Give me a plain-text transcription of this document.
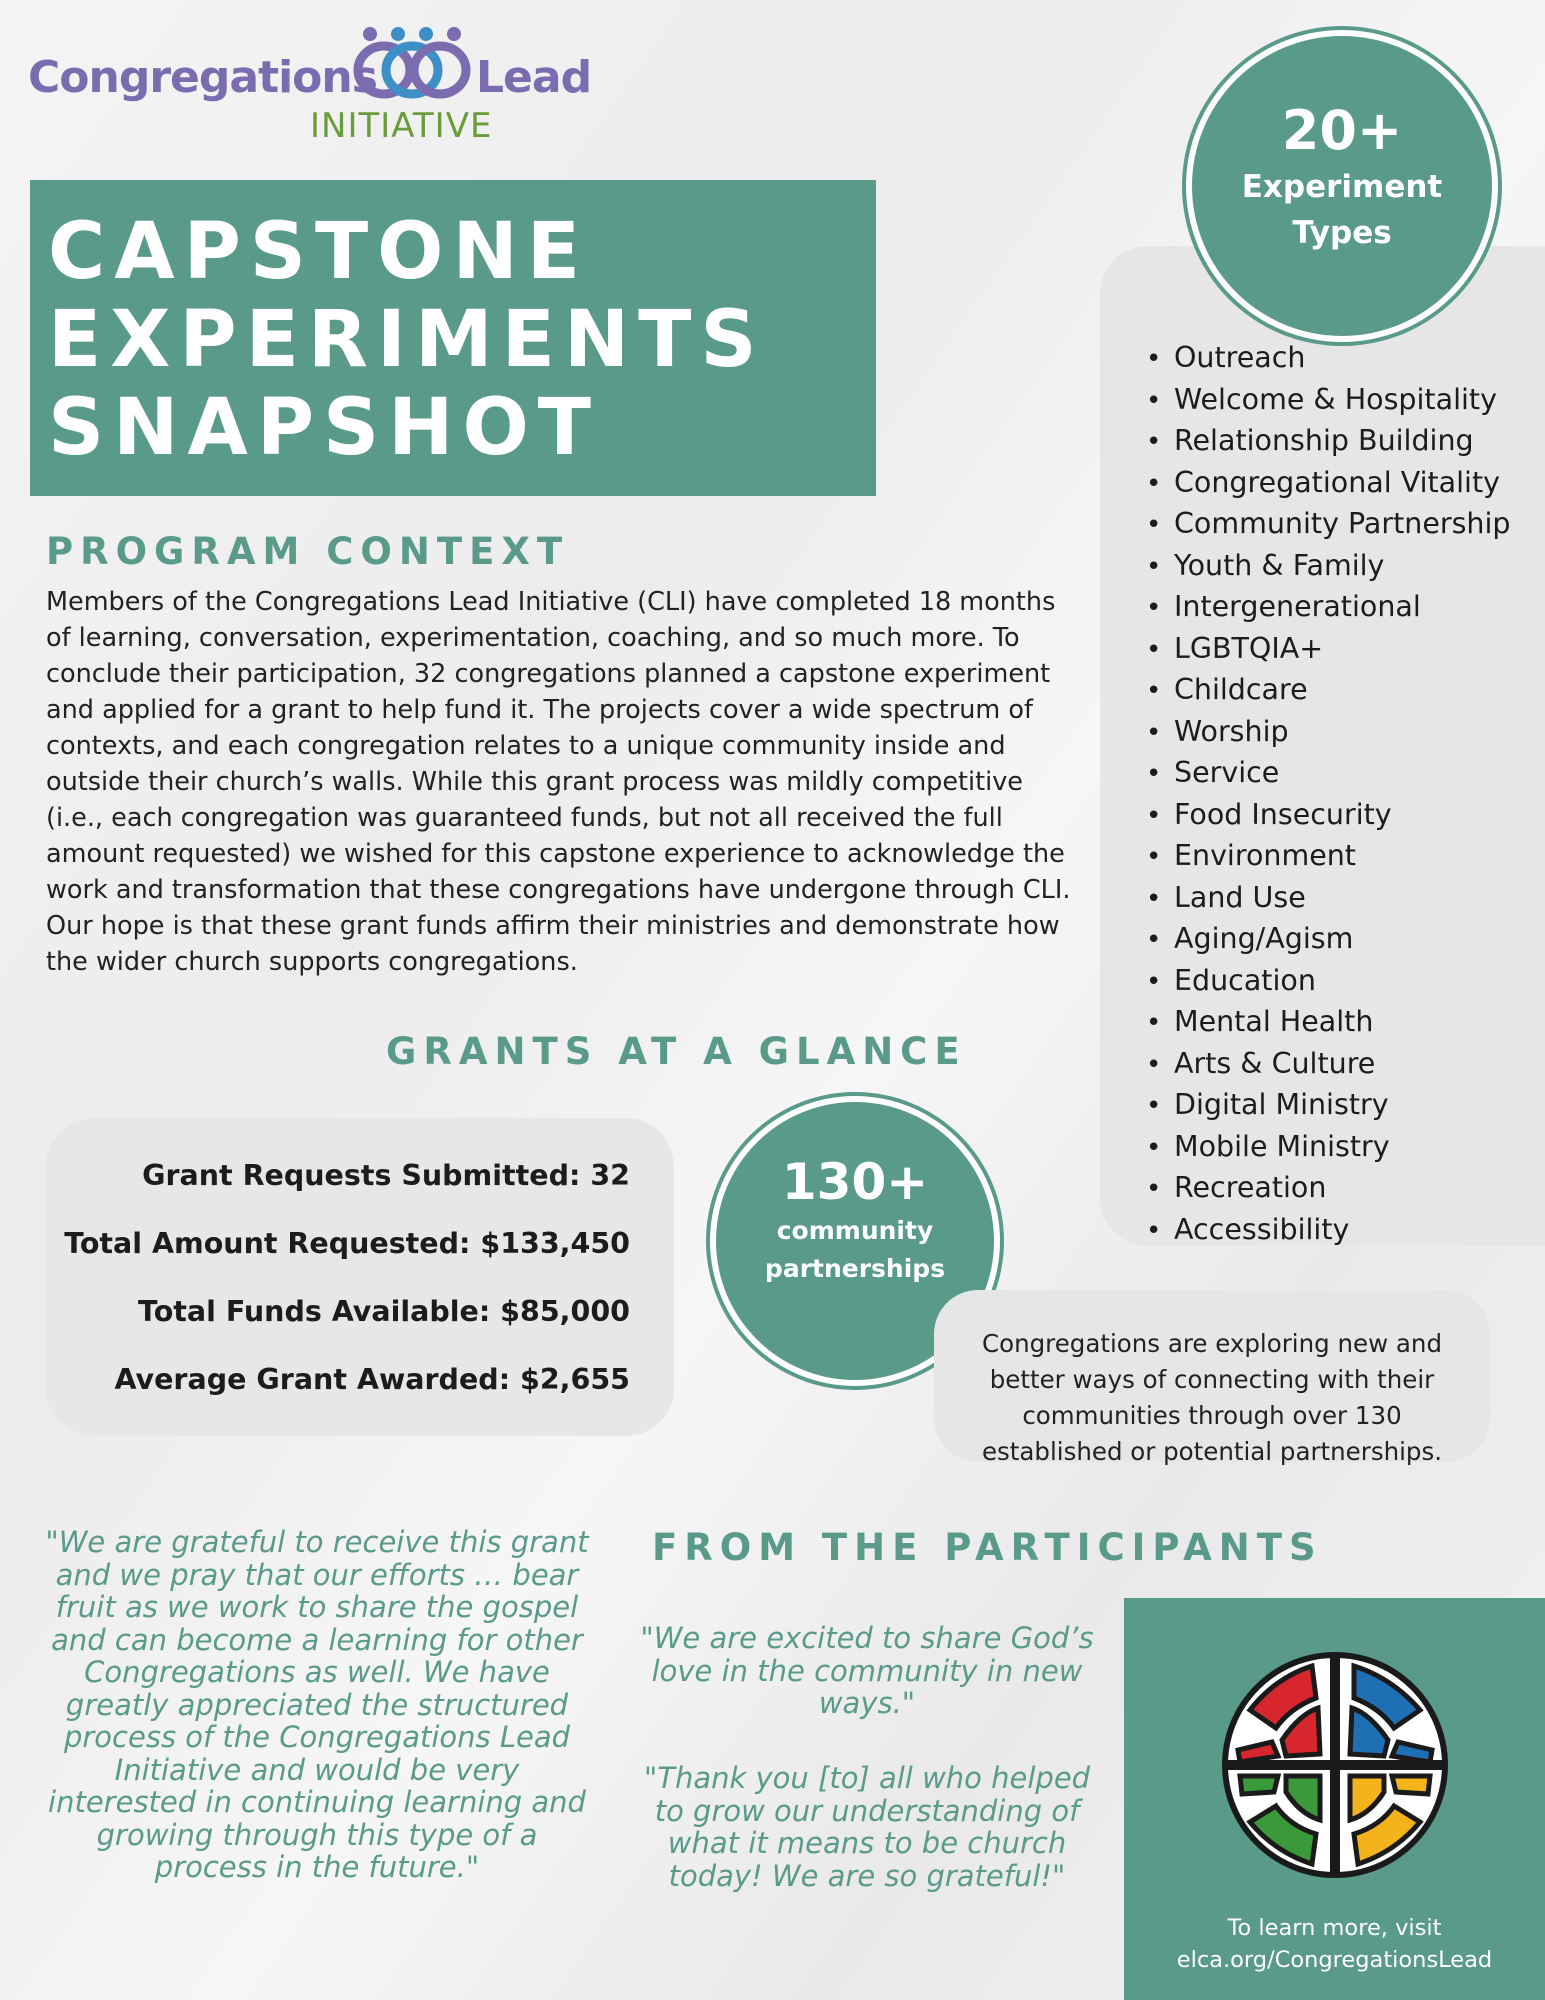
Congregations Lead
INITIATIVE
CAPSTONE
EXPERIMENTS
SNAPSHOT
PROGRAM CONTEXT

Members of the Congregations Lead Initiative (CLI) have completed 18 months of learning, conversation, experimentation, coaching, and so much more. To conclude their participation, 32 congregations planned a capstone experiment and applied for a grant to help fund it. The projects cover a wide spectrum of contexts, and each congregation relates to a unique community inside and outside their church’s walls. While this grant process was mildly competitive (i.e., each congregation was guaranteed funds, but not all received the full amount requested) we wished for this capstone experience to acknowledge the work and transformation that these congregations have undergone through CLI. Our hope is that these grant funds affirm their ministries and demonstrate how the wider church supports congregations.

GRANTS AT A GLANCE
Grant Requests Submitted: 32
Total Amount Requested: $133,450
Total Funds Available: $85,000
Average Grant Awarded: $2,655
130+
community
partnerships
• Outreach
• Welcome & Hospitality
• Relationship Building
• Congregational Vitality
• Community Partnership
• Youth & Family
• Intergenerational
• LGBTQIA+
• Childcare
• Worship
• Service
• Food Insecurity
• Environment
• Land Use
• Aging/Agism
• Education
• Mental Health
• Arts & Culture
• Digital Ministry
• Mobile Ministry
• Recreation
• Accessibility
20+
Experiment
Types
Congregations are exploring new and better ways of connecting with their communities through over 130 established or potential partnerships.
FROM THE PARTICIPANTS

"We are grateful to receive this grant and we pray that our efforts … bear fruit as we work to share the gospel and can become a learning for other Congregations as well. We have greatly appreciated the structured process of the Congregations Lead Initiative and would be very interested in continuing learning and growing through this type of a process in the future."

"We are excited to share God’s love in the community in new ways."

"Thank you [to] all who helped to grow our understanding of what it means to be church today! We are so grateful!"

To learn more, visit
elca.org/CongregationsLead
